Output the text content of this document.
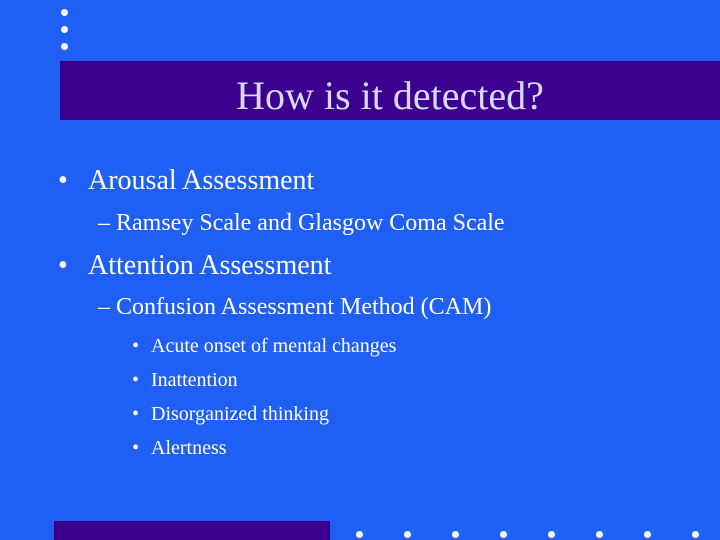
How is it detected?
• Arousal Assessment
– Ramsey Scale and Glasgow Coma Scale
• Attention Assessment
– Confusion Assessment Method (CAM)
• Acute onset of mental changes
• Inattention
• Disorganized thinking
• Alertness
